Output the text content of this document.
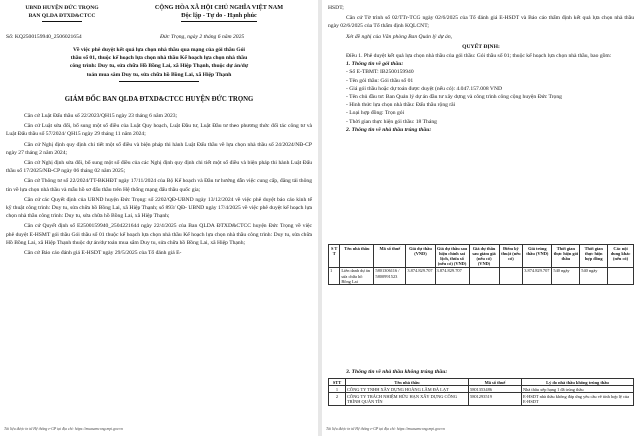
UBND HUYỆN ĐỨC TRỌNG
BAN QLDA ĐTXD&CTCC
CỘNG HÒA XÃ HỘI CHỦ NGHĨA VIỆT NAM
Độc lập - Tự do - Hạnh phúc
Số: KQ2500159940_2506021654	Đức Trọng, ngày 2 tháng 6 năm 2025
Về việc phê duyệt kết quả lựa chọn nhà thầu qua mạng của gói thầu Gói
thầu số 01, thuộc kế hoạch lựa chọn nhà thầu Kế hoạch lựa chọn nhà thầu
công trình: Duy tu, sửa chữa Hồ Bồng Lai, xã Hiệp Thạnh, thuộc dự án/dự
toán mua sắm Duy tu, sửa chữa hồ Bồng Lai, xã Hiệp Thạnh
GIÁM ĐỐC BAN QLDA ĐTXD&CTCC HUYỆN ĐỨC TRỌNG
Căn cứ Luật Đấu thầu số 22/2023/QH15 ngày 23 tháng 6 năm 2023;
Căn cứ Luật sửa đổi, bổ sung một số điều của Luật Quy hoạch, Luật Đầu tư, Luật Đầu tư theo phương thức đối tác công tư và Luật Đấu thầu số 57/2024/ QH15 ngày 29 tháng 11 năm 2024;
Căn cứ Nghị định quy định chi tiết một số điều và biện pháp thi hành Luật Đấu thầu về lựa chọn nhà thầu số 24/2024/NĐ-CP ngày 27 tháng 2 năm 2024;
Căn cứ Nghị định sửa đổi, bổ sung một số điều của các Nghị định quy định chi tiết một số điều và biện pháp thi hành Luật Đấu thầu số 17/2025/NĐ-CP ngày 06 tháng 02 năm 2025;
Căn cứ Thông tư số 22/2024/TT-BKHĐT ngày 17/11/2024 của Bộ Kế hoạch và Đầu tư hướng dẫn việc cung cấp, đăng tải thông tin về lựa chọn nhà thầu và mẫu hồ sơ đấu thầu trên Hệ thống mạng đấu thầu quốc gia;
Căn cứ các Quyết định của UBND huyện Đức Trọng: số 2202/QĐ-UBND ngày 13/12/2024 về việc phê duyệt báo cáo kinh tế kỹ thuật công trình: Duy tu, sửa chữa hồ Bồng Lai, xã Hiệp Thạnh; số 893/ QĐ- UBND ngày 17/4/2025 về việc phê duyệt kế hoạch lựa chọn nhà thầu công trình: Duy tu, sửa chữa hồ Bồng Lai, xã Hiệp Thạnh;
Căn cứ Quyết định số E2500159940_2504221644 ngày 22/4/2025 của Ban QLDA ĐTXD&CTCC huyện Đức Trọng về việc phê duyệt E-HSMT gói thầu Gói thầu số 01 thuộc kế hoạch lựa chọn nhà thầu Kế hoạch lựa chọn nhà thầu công trình: Duy tu, sửa chữa Hồ Bồng Lai, xã Hiệp Thạnh thuộc dự án/dự toán mua sắm Duy tu, sửa chữa hồ Bồng Lai, xã Hiệp Thạnh;
Căn cứ Báo cáo đánh giá E-HSDT ngày 29/5/2025 của Tổ đánh giá E-
Tài liệu được in từ Hệ thống e-GP tại địa chỉ: https://muasamcong.mpi.gov.vn
HSDT;
Căn cứ Tờ trình số 02/TTr-TCG ngày 02/6/2025 của Tổ đánh giá E-HSDT và Báo cáo thẩm định kết quả lựa chọn nhà thầu ngày 02/6/2025 của Tổ thẩm định KQLCNT;
Xét đề nghị của Văn phòng Ban Quản lý dự án,
QUYẾT ĐỊNH:
Điều 1. Phê duyệt kết quả lựa chọn nhà thầu của gói thầu: Gói thầu số 01; thuộc kế hoạch lựa chọn nhà thầu, bao gồm:
1. Thông tin về gói thầu:
- Số E-TBMT: IB2500159940
- Tên gói thầu: Gói thầu số 01
- Giá gói thầu hoặc dự toán được duyệt (nếu có): 4.047.157.008 VND
- Tên chủ đầu tư: Ban Quản lý dự án đầu tư xây dựng và công trình công cộng huyện Đức Trọng
- Hình thức lựa chọn nhà thầu: Đấu thầu rộng rãi
- Loại hợp đồng: Trọn gói
- Thời gian thực hiện gói thầu: 18 Tháng
2. Thông tin về nhà thầu trúng thầu:
S T T	Tên nhà thầu	Mã số thuế	Giá dự thầu (VND)	Giá dự thầu sau hiệu chỉnh sai lệch, thừa số (nếu có) (VND)	Giá dự thầu sau giảm giá (nếu có) (VND)	Điểm kỹ thuật (nếu có)	Giá trúng thầu (VND)	Thời gian thực hiện gói thầu	Thời gian thực hiện hợp đồng	Các nội dung khác (nếu có)
1	Liên danh dự án sửa chữa hồ Bồng Lai	5801306116 / 5800991523	3.874.829.707	3.874.829.707			3.874.829.707	540 ngày	540 ngày	
3. Thông tin về nhà thầu không trúng thầu:
STT	Tên nhà thầu	Mã số thuế	Lý do nhà thầu không trúng thầu
1	CÔNG TY TNHH XÂY DỰNG HOÀNG LÂM ĐÀ LẠT	5801353486	Nhà thầu xếp hạng 1 đã trúng thầu
2	CÔNG TY TRÁCH NHIỆM HỮU HẠN XÂY DỰNG CÔNG TRÌNH QUẢN TÍN	5801293519	E-HSDT nhà thầu không đáp ứng yêu cầu về tính hợp lệ của E-HSDT
Tài liệu được in từ Hệ thống e-GP tại địa chỉ: https://muasamcong.mpi.gov.vn
